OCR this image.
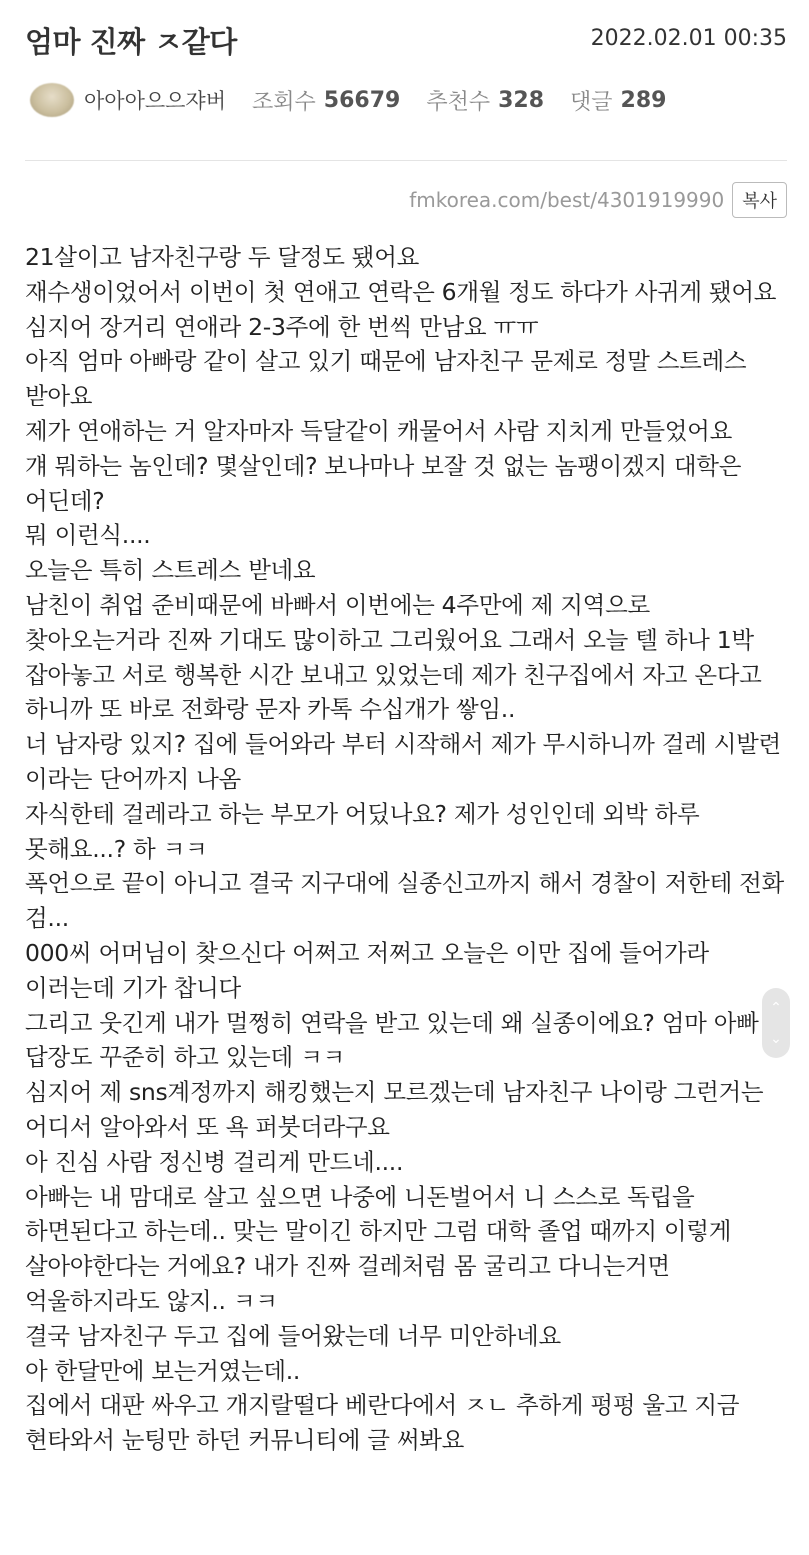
엄마 진짜 ㅈ같다	2022.02.01 00:35
아아아으으쟈버 조회수 56679 추천수 328 댓글 289
fmkorea.com/best/4301919990	복사

21살이고 남자친구랑 두 달정도 됐어요

재수생이었어서 이번이 첫 연애고 연락은 6개월 정도 하다가 사귀게 됐어요 심지어 장거리 연애라 2-3주에 한 번씩 만남요 ㅠㅠ

아직 엄마 아빠랑 같이 살고 있기 때문에 남자친구 문제로 정말 스트레스 받아요

제가 연애하는 거 알자마자 득달같이 캐물어서 사람 지치게 만들었어요

걔 뭐하는 놈인데? 몇살인데? 보나마나 보잘 것 없는 놈팽이겠지 대학은 어딘데?

뭐 이런식....

오늘은 특히 스트레스 받네요

남친이 취업 준비때문에 바빠서 이번에는 4주만에 제 지역으로 찾아오는거라 진짜 기대도 많이하고 그리웠어요 그래서 오늘 텔 하나 1박 잡아놓고 서로 행복한 시간 보내고 있었는데 제가 친구집에서 자고 온다고 하니까 또 바로 전화랑 문자 카톡 수십개가 쌓임..

너 남자랑 있지? 집에 들어와라 부터 시작해서 제가 무시하니까 걸레 시발련 이라는 단어까지 나옴

자식한테 걸레라고 하는 부모가 어딨나요? 제가 성인인데 외박 하루 못해요...? 하 ㅋㅋ

폭언으로 끝이 아니고 결국 지구대에 실종신고까지 해서 경찰이 저한테 전화 검...

000씨 어머님이 찾으신다 어쩌고 저쩌고 오늘은 이만 집에 들어가라 이러는데 기가 찹니다

그리고 웃긴게 내가 멀쩡히 연락을 받고 있는데 왜 실종이에요? 엄마 아빠 답장도 꾸준히 하고 있는데 ㅋㅋ

심지어 제 sns계정까지 해킹했는지 모르겠는데 남자친구 나이랑 그런거는 어디서 알아와서 또 욕 퍼붓더라구요

아 진심 사람 정신병 걸리게 만드네....

아빠는 내 맘대로 살고 싶으면 나중에 니돈벌어서 니 스스로 독립을 하면된다고 하는데.. 맞는 말이긴 하지만 그럼 대학 졸업 때까지 이렇게 살아야한다는 거에요? 내가 진짜 걸레처럼 몸 굴리고 다니는거면 억울하지라도 않지.. ㅋㅋ

결국 남자친구 두고 집에 들어왔는데 너무 미안하네요

아 한달만에 보는거였는데..

집에서 대판 싸우고 개지랄떨다 베란다에서 ㅈㄴ 추하게 펑펑 울고 지금 현타와서 눈팅만 하던 커뮤니티에 글 써봐요

⌃
⌄
